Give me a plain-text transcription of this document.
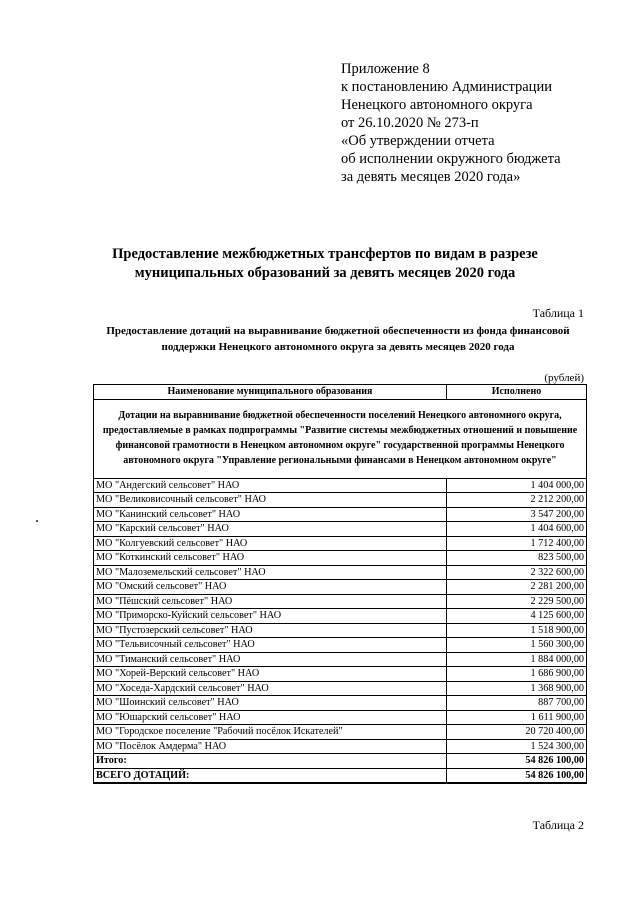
Приложение 8
к постановлению Администрации
Ненецкого автономного округа
от 26.10.2020 № 273-п
«Об утверждении отчета
об исполнении окружного бюджета
за девять месяцев 2020 года»
Предоставление межбюджетных трансфертов по видам в разрезе
муниципальных образований за девять месяцев 2020 года
Таблица 1
Предоставление дотаций на выравнивание бюджетной обеспеченности из фонда финансовой
поддержки Ненецкого автономного округа за девять месяцев 2020 года
(рублей)
Наименование муниципального образования	Исполнено
Дотации на выравнивание бюджетной обеспеченности поселений Ненецкого автономного округа, предоставляемые в рамках подпрограммы "Развитие системы межбюджетных отношений и повышение финансовой грамотности в Ненецком автономном округе" государственной программы Ненецкого автономного округа "Управление региональными финансами в Ненецком автономном округе"	
МО "Андегский сельсовет" НАО	1 404 000,00
МО "Великовисочный сельсовет" НАО	2 212 200,00
МО "Канинский сельсовет" НАО	3 547 200,00
МО "Карский сельсовет" НАО	1 404 600,00
МО "Колгуевский сельсовет" НАО	1 712 400,00
МО "Коткинский сельсовет" НАО	823 500,00
МО "Малоземельский сельсовет" НАО	2 322 600,00
МО "Омский сельсовет" НАО	2 281 200,00
МО "Пёшский сельсовет" НАО	2 229 500,00
МО "Приморско-Куйский сельсовет" НАО	4 125 600,00
МО "Пустозерский сельсовет" НАО	1 518 900,00
МО "Тельвисочный сельсовет" НАО	1 560 300,00
МО "Тиманский сельсовет" НАО	1 884 000,00
МО "Хорей-Верский сельсовет" НАО	1 686 900,00
МО "Хоседа-Хардский сельсовет" НАО	1 368 900,00
МО "Шоинский сельсовет" НАО	887 700,00
МО "Юшарский сельсовет" НАО	1 611 900,00
МО "Городское поселение "Рабочий посёлок Искателей"	20 720 400,00
МО "Посёлок Амдерма" НАО	1 524 300,00
Итого:	54 826 100,00
ВСЕГО ДОТАЦИЙ:	54 826 100,00
Таблица 2
